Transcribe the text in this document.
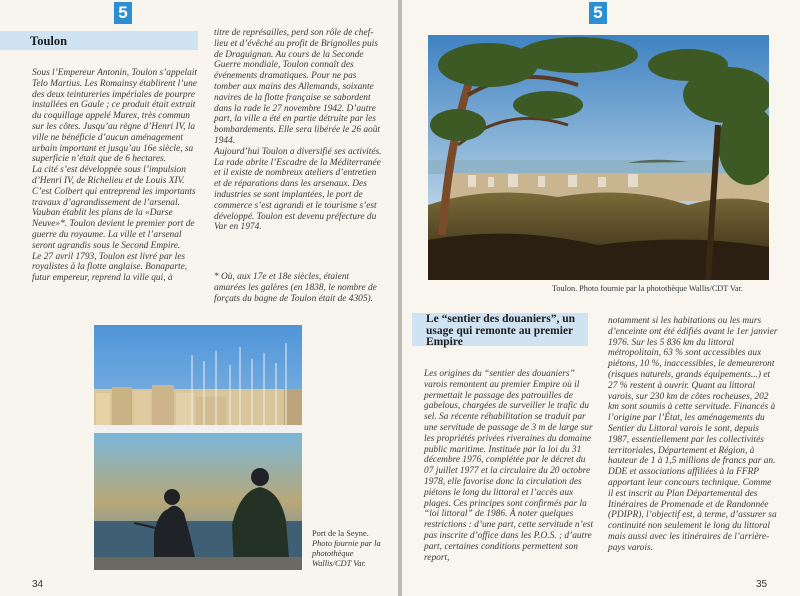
5
Toulon

Sous l’Empereur Antonin, Toulon s’appelait Telo Martius. Les Romainsy établirent l’une des deux teintureries impériales de pourpre installées en Gaule ; ce produit était extrait du coquillage appelé Murex, très commun sur les côtes. Jusqu’au règne d’Henri IV, la ville ne bénéficie d’aucun aménagement urbain important et jusqu’au 16e siècle, sa superficie n’était que de 6 hectares.

La cité s’est développée sous l’impulsion d’Henri IV, de Richelieu et de Louis XIV. C’est Colbert qui entreprend les importants travaux d’agrandissement de l’arsenal. Vauban établit les plans de la «Darse Neuve»*. Toulon devient le premier port de guerre du royaume. La ville et l’arsenal seront agrandis sous le Second Empire.

Le 27 avril 1793, Toulon est livré par les royalistes à la flotte anglaise. Bonaparte, futur empereur, reprend la ville qui, à

titre de représailles, perd son rôle de chef-lieu et d’évêché au profit de Brignolles puis de Draguignan. Au cours de la Seconde Guerre mondiale, Toulon connaît des événements dramatiques. Pour ne pas tomber aux mains des Allemands, soixante navires de la flotte française se sabordent dans la rade le 27 novembre 1942. D’autre part, la ville a été en partie détruite par les bombardements. Elle sera libérée le 26 août 1944.

Aujourd’hui Toulon a diversifié ses activités. La rade abrite l’Escadre de la Méditerranée et il existe de nombreux ateliers d’entretien et de réparations dans les arsenaux. Des industries se sont implantées, le port de commerce s’est agrandi et le tourisme s’est développé. Toulon est devenu préfecture du Var en 1974.

* Où, aux 17e et 18e siècles, étaient amarées les galères (en 1838, le nombre de forçats du bagne de Toulon était de 4305).
Port de la Seyne.
Photo fournie par la photothèque Wallis/CDT Var.
34
5
Toulon. Photo fournie par la photothèque Wallis/CDT Var.
Le “sentier des douaniers”, un usage qui remonte au premier Empire

Les origines du “sentier des douaniers” varois remontent au premier Empire où il permettait le passage des patrouilles de gabelous, chargées de surveiller le trafic du sel. Sa récente réhabilitation se traduit par une servitude de passage de 3 m de large sur les propriétés privées riveraines du domaine public maritime. Instituée par la loi du 31 décembre 1976, complétée par le décret du 07 juillet 1977 et la circulaire du 20 octobre 1978, elle favorise donc la circulation des piétons le long du littoral et l’accès aux plages. Ces principes sont confirmés par la “loi littoral” de 1986. À noter quelques restrictions : d’une part, cette servitude n’est pas inscrite d’office dans les P.O.S. ; d’autre part, certaines conditions permettent son report,

notamment si les habitations ou les murs d’enceinte ont été édifiés avant le 1er janvier 1976. Sur les 5 836 km du littoral métropolitain, 63 % sont accessibles aux piétons, 10 %, inaccessibles, le demeureront (risques naturels, grands équipements...) et 27 % restent à ouvrir. Quant au littoral varois, sur 230 km de côtes rocheuses, 202 km sont soumis à cette servitude. Financés à l’origine par l’État, les aménagements du Sentier du Littoral varois le sont, depuis 1987, essentiellement par les collectivités territoriales, Département et Région, à hauteur de 1 à 1,5 millions de francs par an. DDE et associations affiliées à la FFRP apportant leur concours technique. Comme il est inscrit au Plan Départemental des Itinéraires de Promenade et de Randonnée (PDIPR), l’objectif est, à terme, d’assurer sa continuité non seulement le long du littoral mais aussi avec les itinéraires de l’arrière-pays varois.

35
